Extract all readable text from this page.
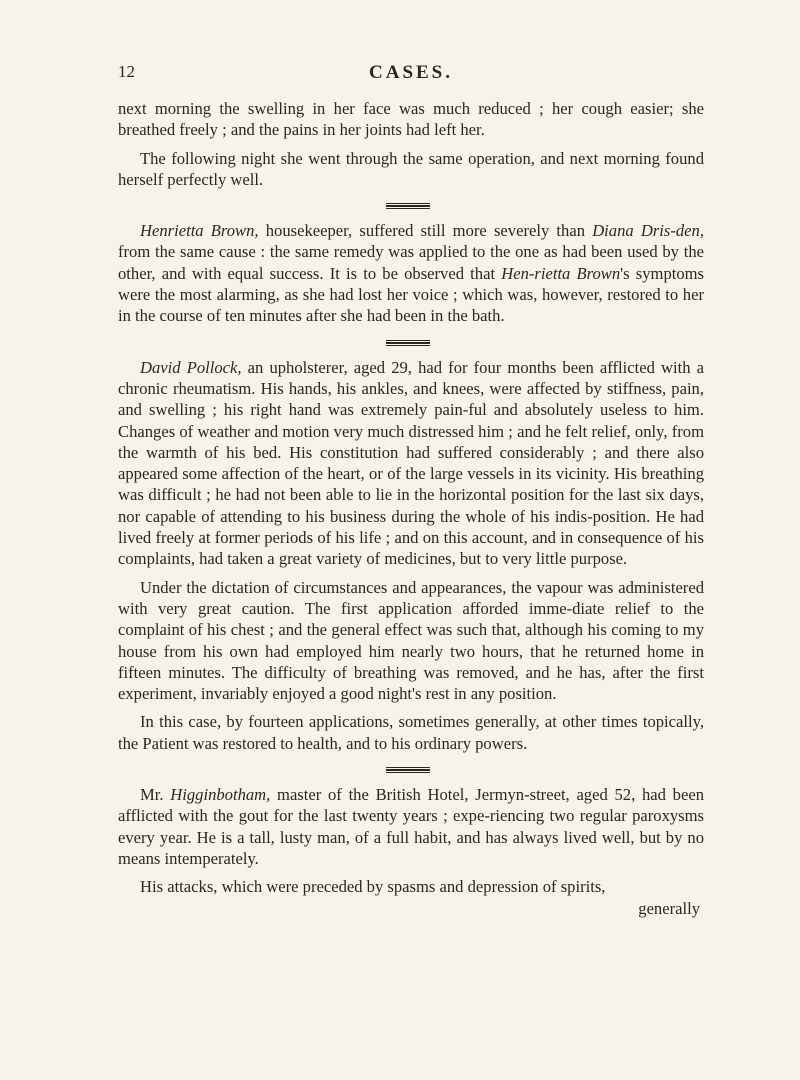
12	CASES.

next morning the swelling in her face was much reduced ; her cough easier; she breathed freely ; and the pains in her joints had left her.

The following night she went through the same operation, and next morning found herself perfectly well.

Henrietta Brown, housekeeper, suffered still more severely than Diana Dris-den, from the same cause : the same remedy was applied to the one as had been used by the other, and with equal success. It is to be observed that Hen-rietta Brown's symptoms were the most alarming, as she had lost her voice ; which was, however, restored to her in the course of ten minutes after she had been in the bath.

David Pollock, an upholsterer, aged 29, had for four months been afflicted with a chronic rheumatism. His hands, his ankles, and knees, were affected by stiffness, pain, and swelling ; his right hand was extremely pain-ful and absolutely useless to him. Changes of weather and motion very much distressed him ; and he felt relief, only, from the warmth of his bed. His constitution had suffered considerably ; and there also appeared some affection of the heart, or of the large vessels in its vicinity. His breathing was difficult ; he had not been able to lie in the horizontal position for the last six days, nor capable of attending to his business during the whole of his indis-position. He had lived freely at former periods of his life ; and on this account, and in consequence of his complaints, had taken a great variety of medicines, but to very little purpose.

Under the dictation of circumstances and appearances, the vapour was administered with very great caution. The first application afforded imme-diate relief to the complaint of his chest ; and the general effect was such that, although his coming to my house from his own had employed him nearly two hours, that he returned home in fifteen minutes. The difficulty of breathing was removed, and he has, after the first experiment, invariably enjoyed a good night's rest in any position.

In this case, by fourteen applications, sometimes generally, at other times topically, the Patient was restored to health, and to his ordinary powers.

Mr. Higginbotham, master of the British Hotel, Jermyn-street, aged 52, had been afflicted with the gout for the last twenty years ; expe-riencing two regular paroxysms every year. He is a tall, lusty man, of a full habit, and has always lived well, but by no means intemperately.

His attacks, which were preceded by spasms and depression of spirits,

generally
